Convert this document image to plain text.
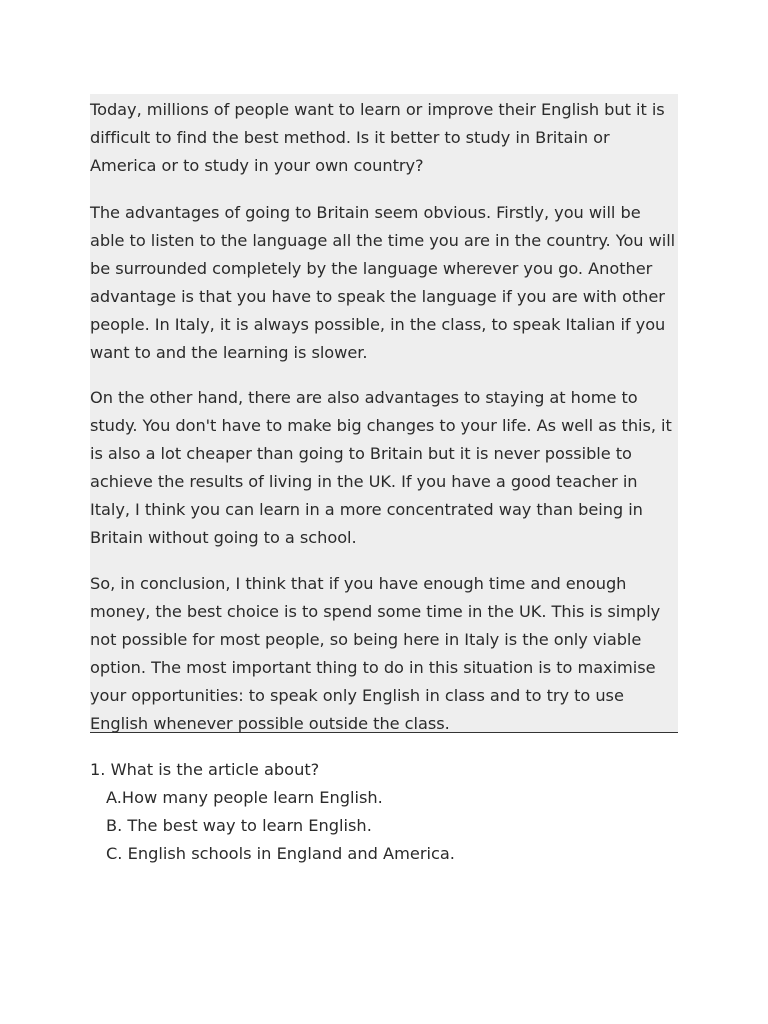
Today, millions of people want to learn or improve their English but it is difficult to find the best method. Is it better to study in Britain or America or to study in your own country?

The advantages of going to Britain seem obvious. Firstly, you will be able to listen to the language all the time you are in the country. You will be surrounded completely by the language wherever you go. Another advantage is that you have to speak the language if you are with other people. In Italy, it is always possible, in the class, to speak Italian if you want to and the learning is slower.

On the other hand, there are also advantages to staying at home to study. You don't have to make big changes to your life. As well as this, it is also a lot cheaper than going to Britain but it is never possible to achieve the results of living in the UK. If you have a good teacher in Italy, I think you can learn in a more concentrated way than being in Britain without going to a school.

So, in conclusion, I think that if you have enough time and enough money, the best choice is to spend some time in the UK. This is simply not possible for most people, so being here in Italy is the only viable option. The most important thing to do in this situation is to maximise your opportunities: to speak only English in class and to try to use English whenever possible outside the class.

1. What is the article about?
A.How many people learn English.
B. The best way to learn English.
C. English schools in England and America.
